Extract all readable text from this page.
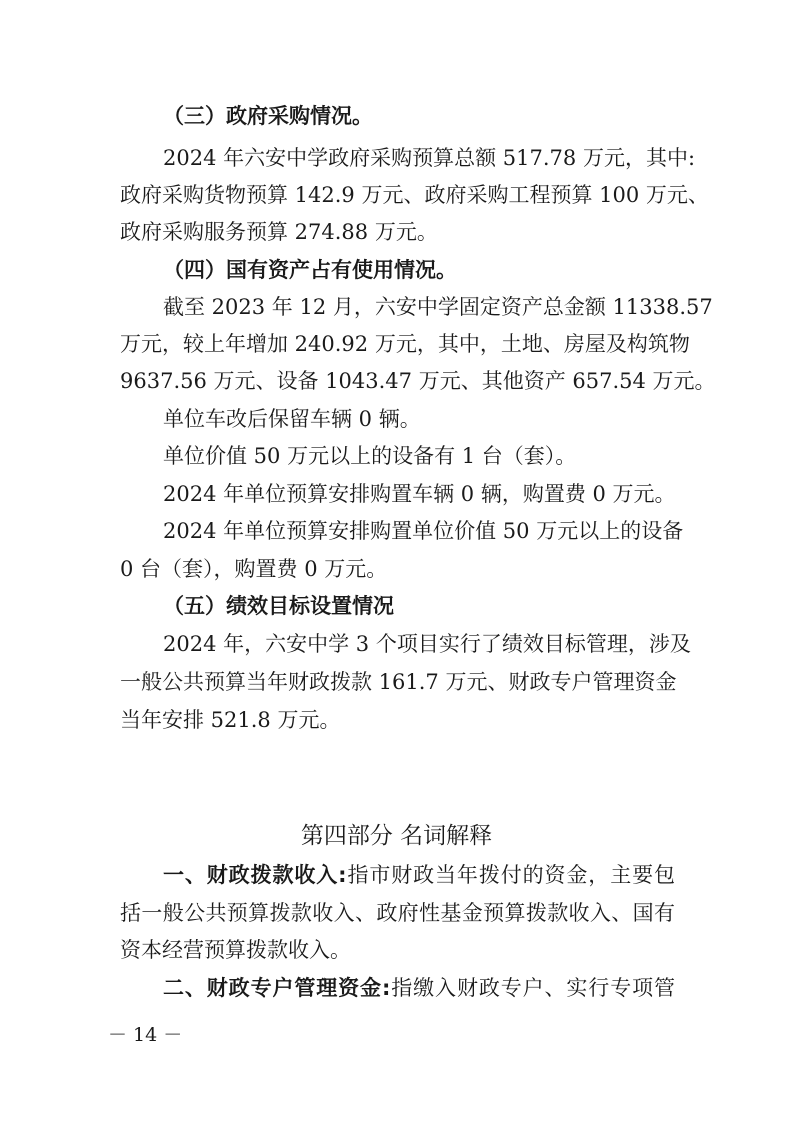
（三）政府采购情况。

2024 年六安中学政府采购预算总额 517.78 万元，其中:

政府采购货物预算 142.9 万元、政府采购工程预算 100 万元、

政府采购服务预算 274.88 万元。

（四）国有资产占有使用情况。

截至 2023 年 12 月，六安中学固定资产总金额 11338.57

万元，较上年增加 240.92 万元，其中，土地、房屋及构筑物

9637.56 万元、设备 1043.47 万元、其他资产 657.54 万元。

单位车改后保留车辆 0 辆。

单位价值 50 万元以上的设备有 1 台（套）。

2024 年单位预算安排购置车辆 0 辆，购置费 0 万元。

2024 年单位预算安排购置单位价值 50 万元以上的设备

0 台（套），购置费 0 万元。

（五）绩效目标设置情况

2024 年，六安中学 3 个项目实行了绩效目标管理，涉及

一般公共预算当年财政拨款 161.7 万元、财政专户管理资金

当年安排 521.8 万元。

第四部分 名词解释

一、财政拨款收入:指市财政当年拨付的资金，主要包

括一般公共预算拨款收入、政府性基金预算拨款收入、国有

资本经营预算拨款收入。

二、财政专户管理资金:指缴入财政专户、实行专项管

－ 14 －
